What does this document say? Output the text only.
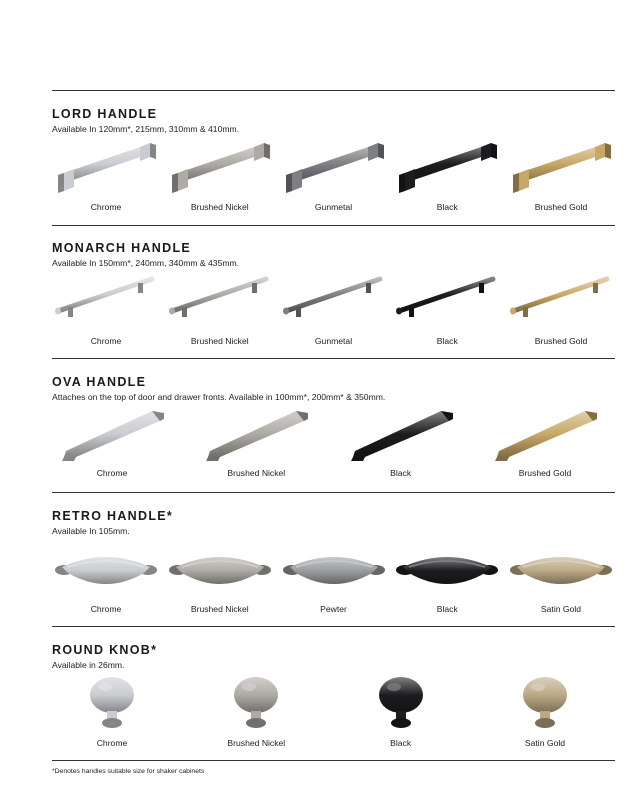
LORD HANDLE
Available In 120mm*, 215mm, 310mm & 410mm.
Chrome	Brushed Nickel	Gunmetal	Black	Brushed Gold
MONARCH HANDLE
Available In 150mm*, 240mm, 340mm & 435mm.
Chrome	Brushed Nickel	Gunmetal	Black	Brushed Gold
OVA HANDLE
Attaches on the top of door and drawer fronts. Available in 100mm*, 200mm* & 350mm.
Chrome	Brushed Nickel	Black	Brushed Gold
RETRO HANDLE*
Available In 105mm.
Chrome	Brushed Nickel	Pewter	Black	Satin Gold
ROUND KNOB*
Available in 26mm.
Chrome	Brushed Nickel	Black	Satin Gold
*Denotes handles suitable size for shaker cabinets
